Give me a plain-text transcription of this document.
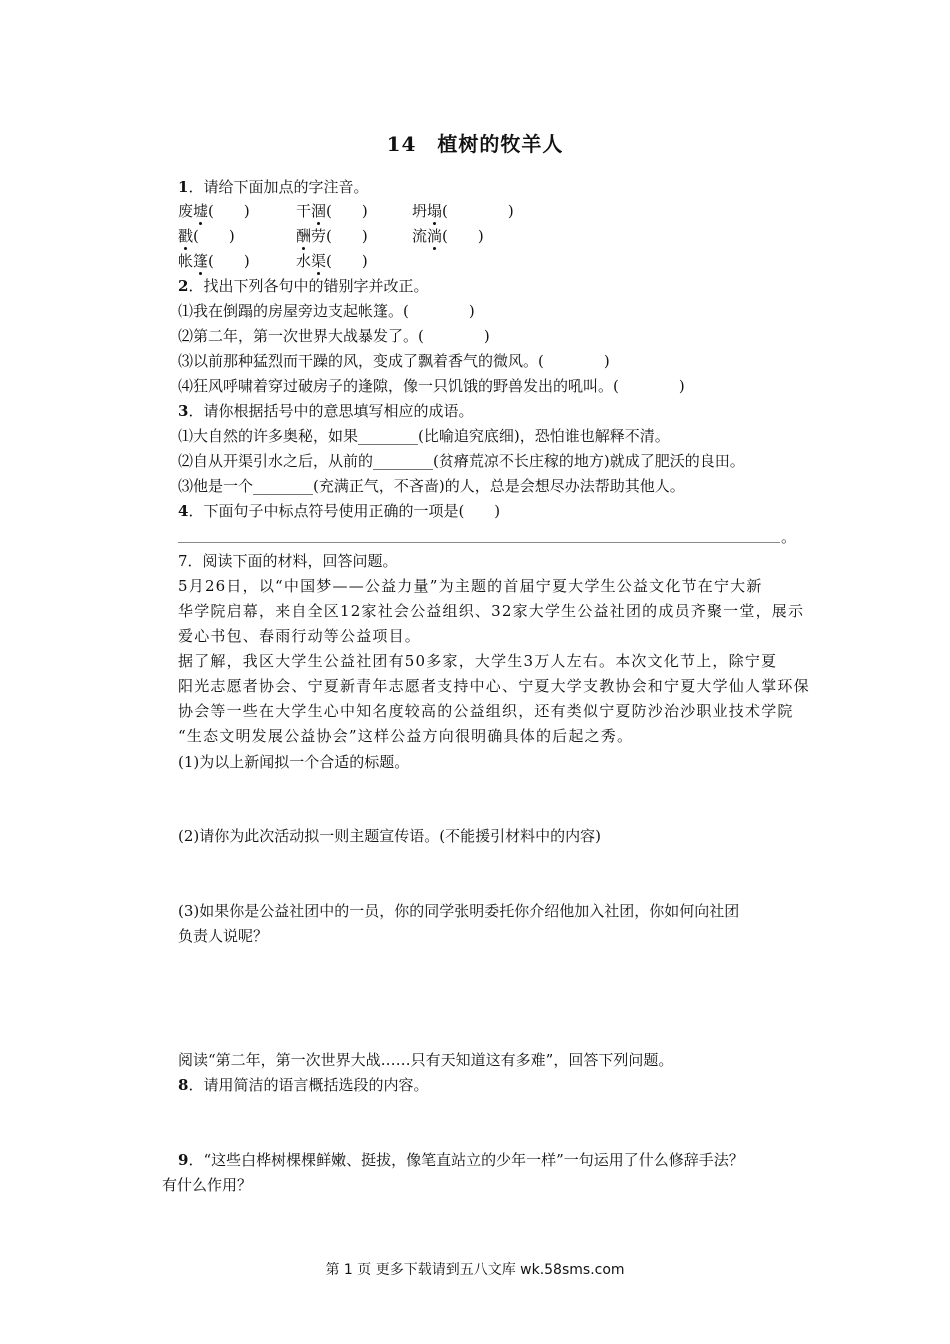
14　植树的牧羊人
1．请给下面加点的字注音。
废墟(　　)	干涸(　　)	坍塌(　　　　)
戳(　　)	酬劳(　　)	流淌(　　)
帐篷(　　)	水渠(　　)
2．找出下列各句中的错别字并改正。
⑴我在倒蹋的房屋旁边支起帐篷。(　　　　)
⑵第二年，第一次世界大战暴发了。(　　　　)
⑶以前那种猛烈而干躁的风，变成了飘着香气的微风。(　　　　)
⑷狂风呼啸着穿过破房子的逢隙，像一只饥饿的野兽发出的吼叫。(　　　　)
3．请你根据括号中的意思填写相应的成语。
⑴大自然的许多奥秘，如果________(比喻追究底细)，恐怕谁也解释不清。
⑵自从开渠引水之后，从前的________(贫瘠荒凉不长庄稼的地方)就成了肥沃的良田。
⑶他是一个________(充满正气，不吝啬)的人，总是会想尽办法帮助其他人。
4．下面句子中标点符号使用正确的一项是(　　)
。
7．阅读下面的材料，回答问题。
5月26日，以“中国梦——公益力量”为主题的首届宁夏大学生公益文化节在宁大新
华学院启幕，来自全区12家社会公益组织、32家大学生公益社团的成员齐聚一堂，展示
爱心书包、春雨行动等公益项目。
据了解，我区大学生公益社团有50多家，大学生3万人左右。本次文化节上，除宁夏
阳光志愿者协会、宁夏新青年志愿者支持中心、宁夏大学支教协会和宁夏大学仙人掌环保
协会等一些在大学生心中知名度较高的公益组织，还有类似宁夏防沙治沙职业技术学院
“生态文明发展公益协会”这样公益方向很明确具体的后起之秀。
(1)为以上新闻拟一个合适的标题。
(2)请你为此次活动拟一则主题宣传语。(不能援引材料中的内容)
(3)如果你是公益社团中的一员，你的同学张明委托你介绍他加入社团，你如何向社团
负责人说呢？
阅读“第二年，第一次世界大战……只有天知道这有多难”，回答下列问题。
8．请用简洁的语言概括选段的内容。
9．“这些白桦树棵棵鲜嫩、挺拔，像笔直站立的少年一样”一句运用了什么修辞手法？
有什么作用？
第 1 页 更多下载请到五八文库 wk.58sms.com
